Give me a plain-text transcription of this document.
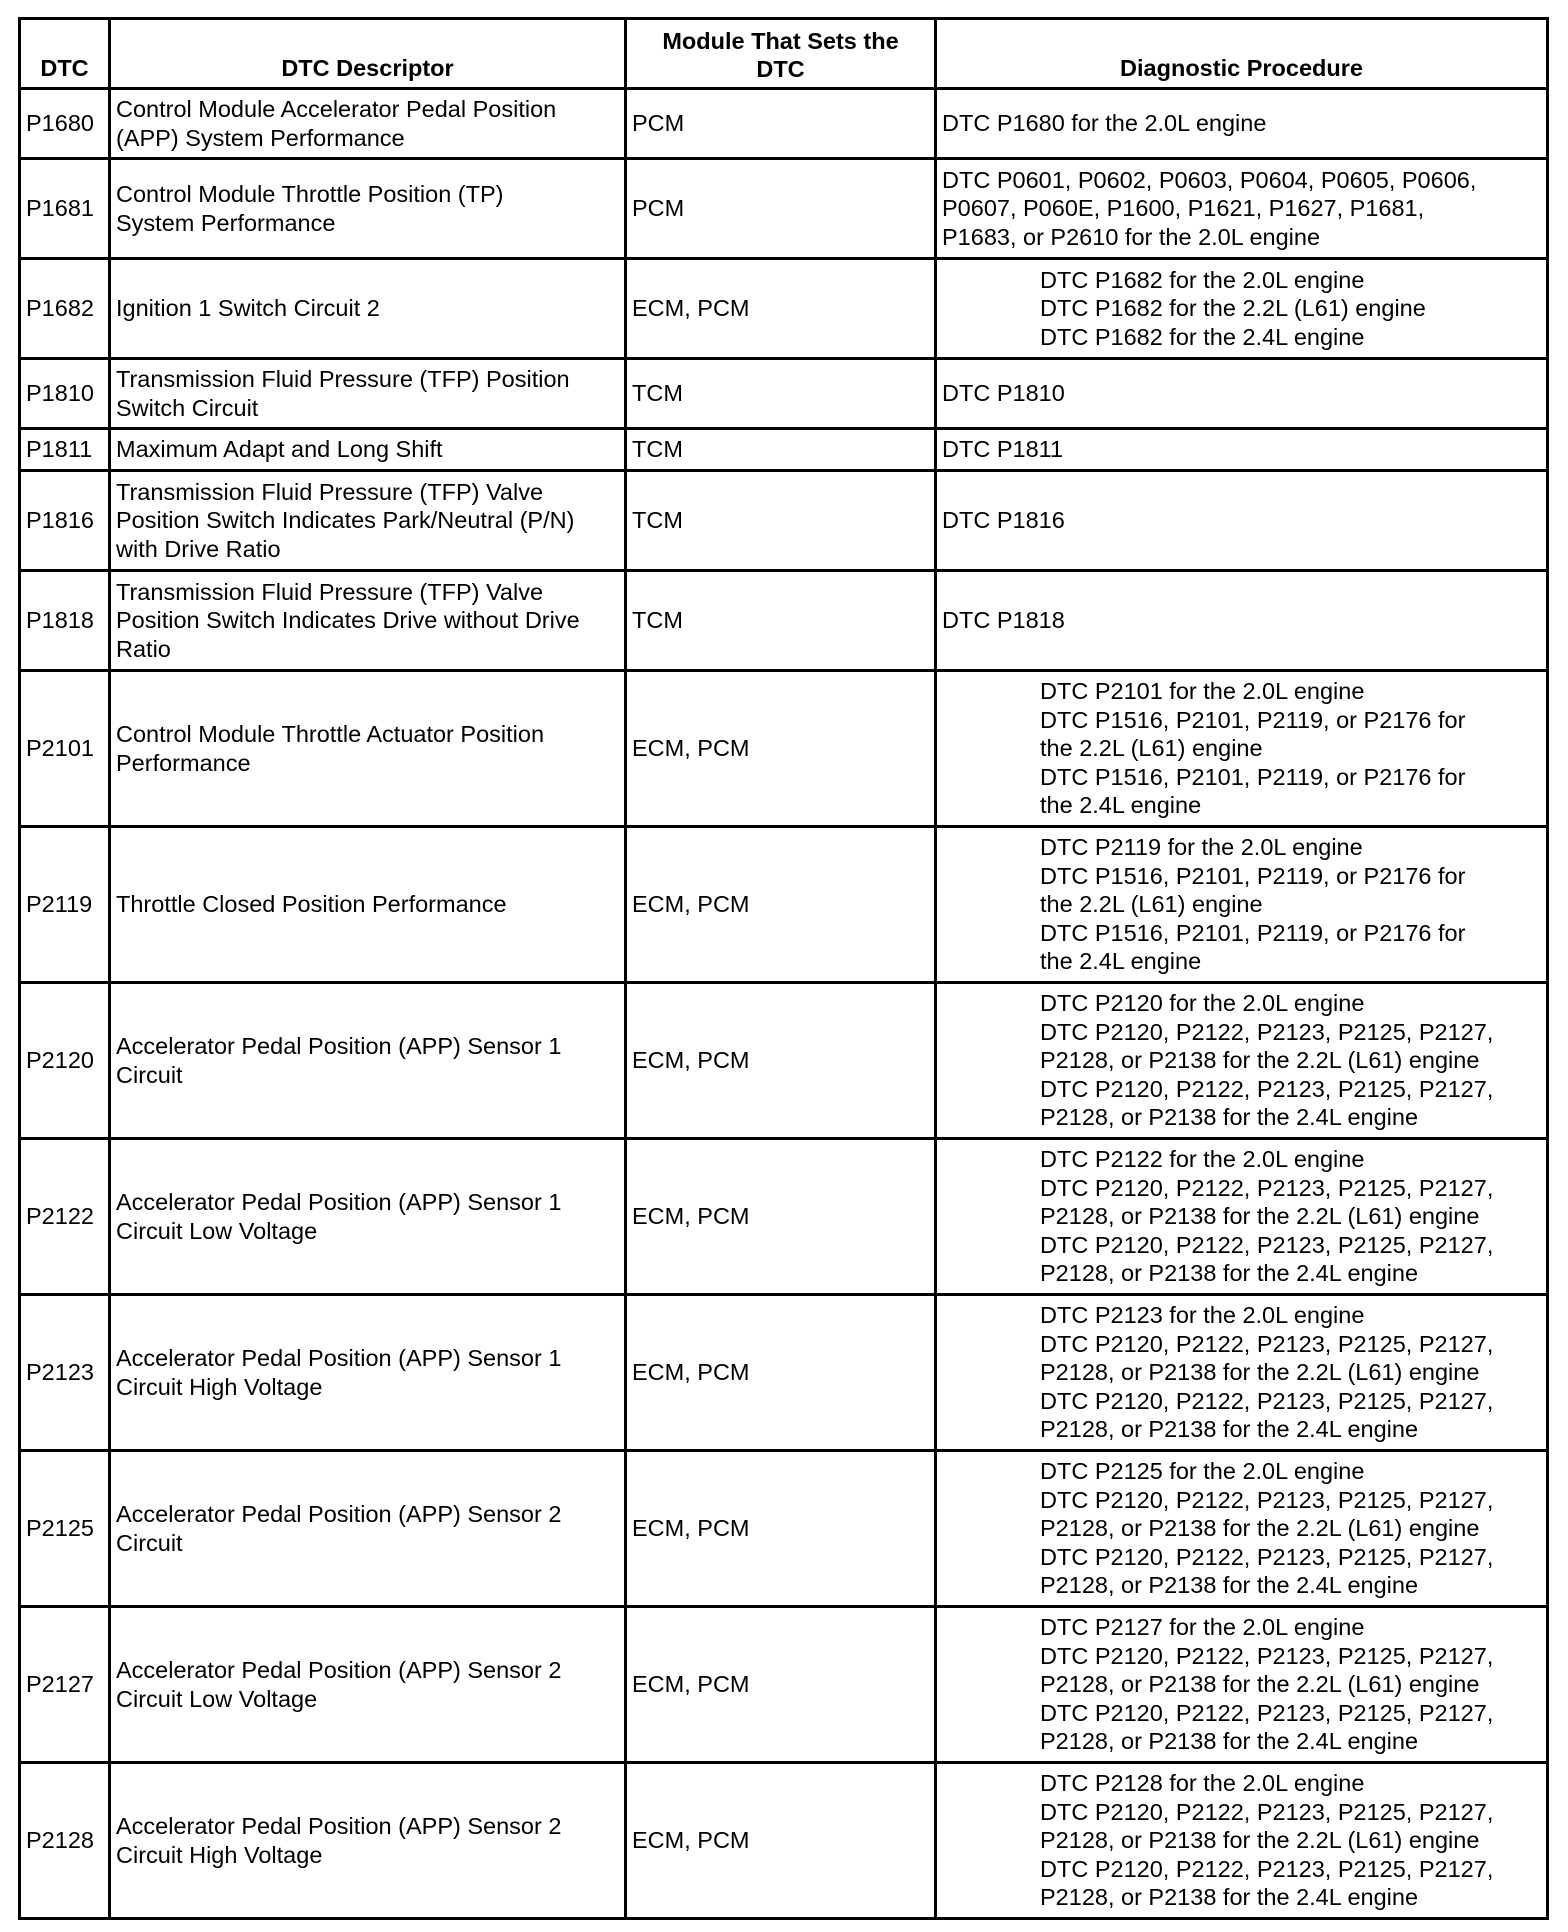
DTC	DTC Descriptor	Module That Sets the
DTC	Diagnostic Procedure
P1680	Control Module Accelerator Pedal Position
(APP) System Performance	PCM	DTC P1680 for the 2.0L engine

P1681	Control Module Throttle Position (TP)
System Performance	PCM	DTC P0601, P0602, P0603, P0604, P0605, P0606,
P0607, P060E, P1600, P1621, P1627, P1681,
P1683, or P2610 for the 2.0L engine

P1682	Ignition 1 Switch Circuit 2	ECM, PCM	DTC P1682 for the 2.0L engine
DTC P1682 for the 2.2L (L61) engine
DTC P1682 for the 2.4L engine

P1810	Transmission Fluid Pressure (TFP) Position
Switch Circuit	TCM	DTC P1810

P1811	Maximum Adapt and Long Shift	TCM	DTC P1811

P1816	Transmission Fluid Pressure (TFP) Valve
Position Switch Indicates Park/Neutral (P/N)
with Drive Ratio	TCM	DTC P1816

P1818	Transmission Fluid Pressure (TFP) Valve
Position Switch Indicates Drive without Drive
Ratio	TCM	DTC P1818

P2101	Control Module Throttle Actuator Position
Performance	ECM, PCM	DTC P2101 for the 2.0L engine
DTC P1516, P2101, P2119, or P2176 for
the 2.2L (L61) engine
DTC P1516, P2101, P2119, or P2176 for
the 2.4L engine

P2119	Throttle Closed Position Performance	ECM, PCM	DTC P2119 for the 2.0L engine
DTC P1516, P2101, P2119, or P2176 for
the 2.2L (L61) engine
DTC P1516, P2101, P2119, or P2176 for
the 2.4L engine

P2120	Accelerator Pedal Position (APP) Sensor 1
Circuit	ECM, PCM	DTC P2120 for the 2.0L engine
DTC P2120, P2122, P2123, P2125, P2127,
P2128, or P2138 for the 2.2L (L61) engine
DTC P2120, P2122, P2123, P2125, P2127,
P2128, or P2138 for the 2.4L engine

P2122	Accelerator Pedal Position (APP) Sensor 1
Circuit Low Voltage	ECM, PCM	DTC P2122 for the 2.0L engine
DTC P2120, P2122, P2123, P2125, P2127,
P2128, or P2138 for the 2.2L (L61) engine
DTC P2120, P2122, P2123, P2125, P2127,
P2128, or P2138 for the 2.4L engine

P2123	Accelerator Pedal Position (APP) Sensor 1
Circuit High Voltage	ECM, PCM	DTC P2123 for the 2.0L engine
DTC P2120, P2122, P2123, P2125, P2127,
P2128, or P2138 for the 2.2L (L61) engine
DTC P2120, P2122, P2123, P2125, P2127,
P2128, or P2138 for the 2.4L engine

P2125	Accelerator Pedal Position (APP) Sensor 2
Circuit	ECM, PCM	DTC P2125 for the 2.0L engine
DTC P2120, P2122, P2123, P2125, P2127,
P2128, or P2138 for the 2.2L (L61) engine
DTC P2120, P2122, P2123, P2125, P2127,
P2128, or P2138 for the 2.4L engine

P2127	Accelerator Pedal Position (APP) Sensor 2
Circuit Low Voltage	ECM, PCM	DTC P2127 for the 2.0L engine
DTC P2120, P2122, P2123, P2125, P2127,
P2128, or P2138 for the 2.2L (L61) engine
DTC P2120, P2122, P2123, P2125, P2127,
P2128, or P2138 for the 2.4L engine

P2128	Accelerator Pedal Position (APP) Sensor 2
Circuit High Voltage	ECM, PCM	DTC P2128 for the 2.0L engine
DTC P2120, P2122, P2123, P2125, P2127,
P2128, or P2138 for the 2.2L (L61) engine
DTC P2120, P2122, P2123, P2125, P2127,
P2128, or P2138 for the 2.4L engine
